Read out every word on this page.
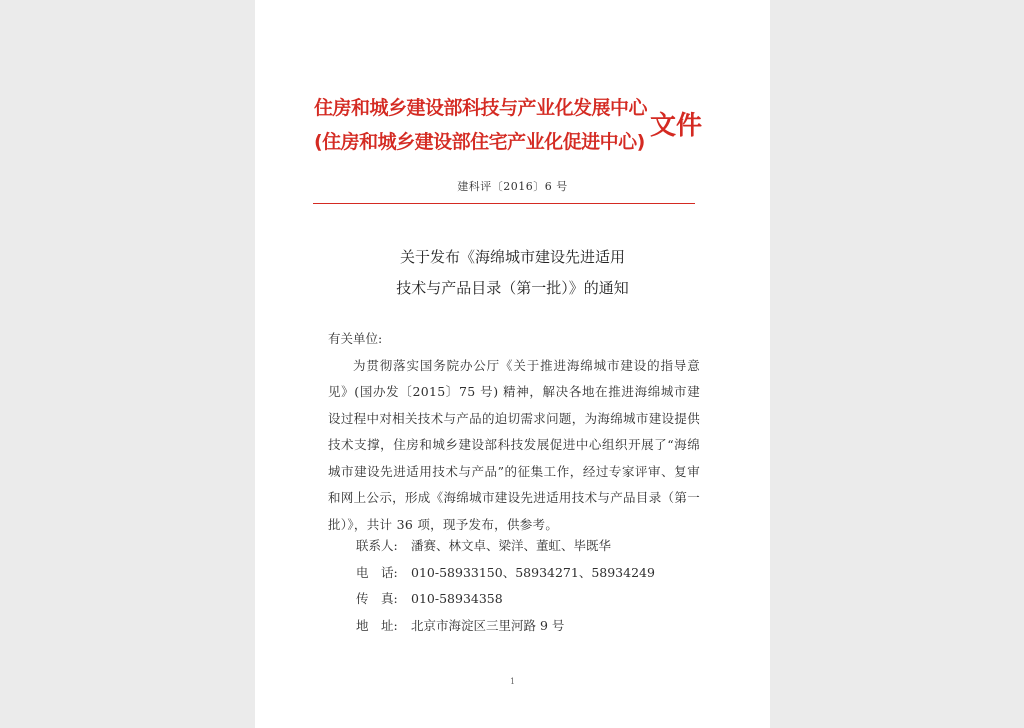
住房和城乡建设部科技与产业化发展中心
(住房和城乡建设部住宅产业化促进中心)
文件
建科评〔2016〕6 号
关于发布《海绵城市建设先进适用
技术与产品目录（第一批）》的通知

有关单位:

为贯彻落实国务院办公厅《关于推进海绵城市建设的指导意见》(国办发〔2015〕75 号) 精神，解决各地在推进海绵城市建设过程中对相关技术与产品的迫切需求问题，为海绵城市建设提供技术支撑，住房和城乡建设部科技发展促进中心组织开展了“海绵城市建设先进适用技术与产品”的征集工作，经过专家评审、复审和网上公示，形成《海绵城市建设先进适用技术与产品目录（第一批）》，共计 36 项，现予发布，供参考。

联系人: 潘赛、林文卓、梁洋、董虹、毕既华
电　话: 010-58933150、58934271、58934249
传　真: 010-58934358
地　址: 北京市海淀区三里河路 9 号
1
